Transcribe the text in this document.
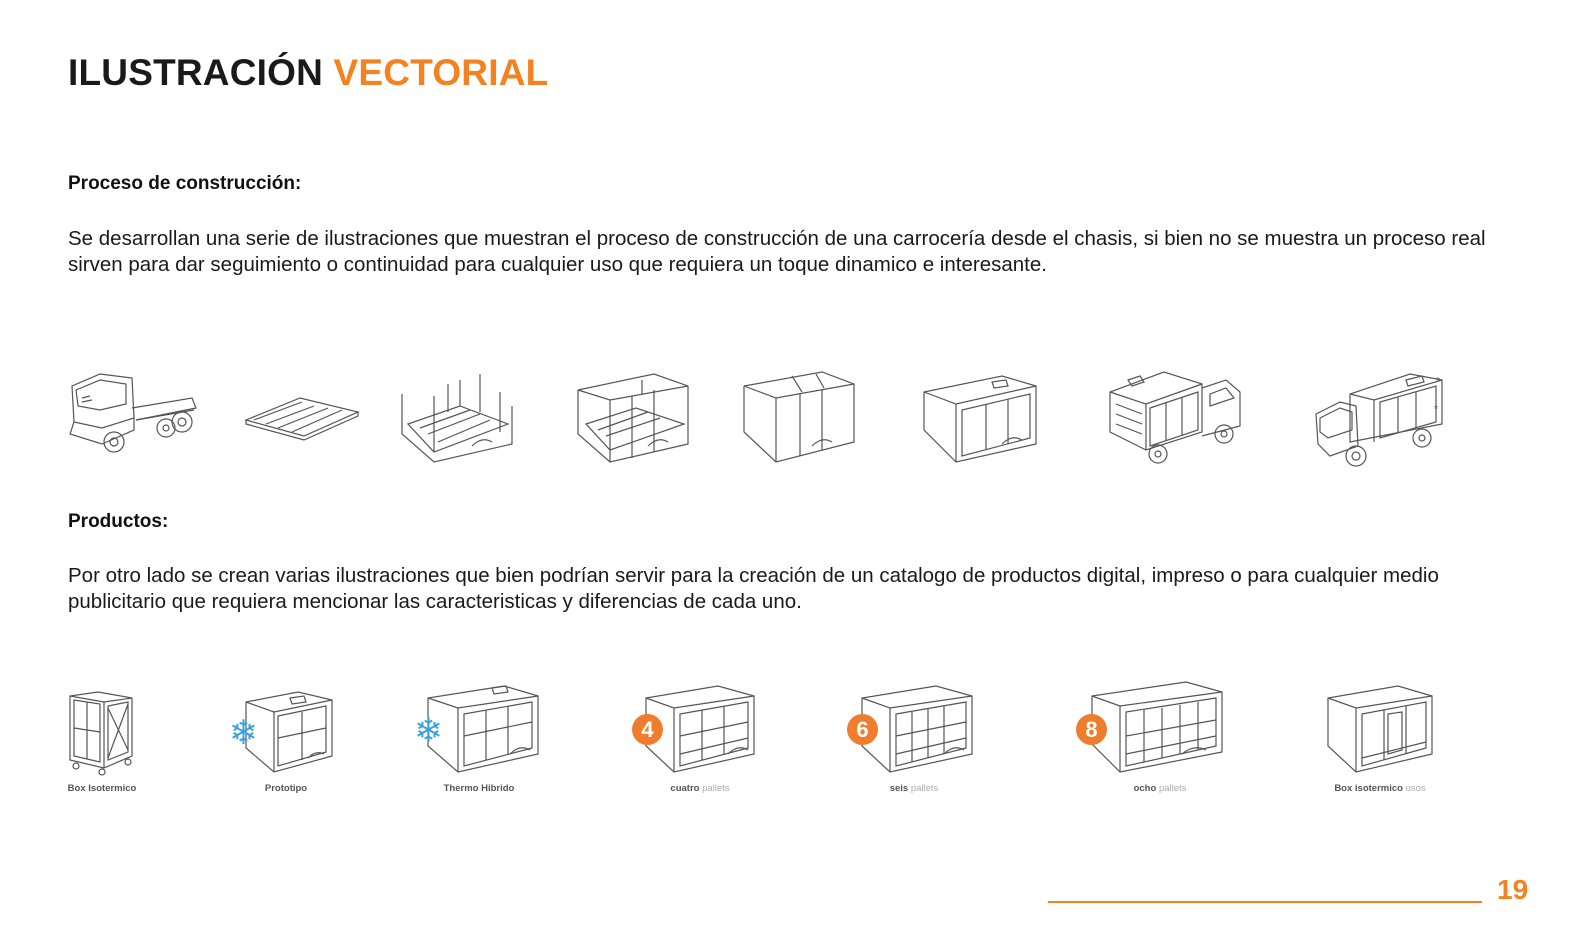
ILUSTRACIÓN VECTORIAL
Proceso de construcción:

Se desarrollan una serie de ilustraciones que muestran el proceso de construcción de una carrocería desde el chasis, si bien no se muestra un proceso real sirven para dar seguimiento o continuidad para cualquier uso que requiera un toque dinamico e interesante.

*
*
Productos:

Por otro lado se crean varias ilustraciones que bien podrían servir para la creación de un catalogo de productos digital, impreso o para cualquier medio publicitario que requiera mencionar las caracteristicas y diferencias de cada uno.

❄	❄	4	6	8
Box Isotermico	Prototipo	Thermo Hibrido	cuatro pallets	seis pallets	ocho pallets	Box isotermico usos
19
